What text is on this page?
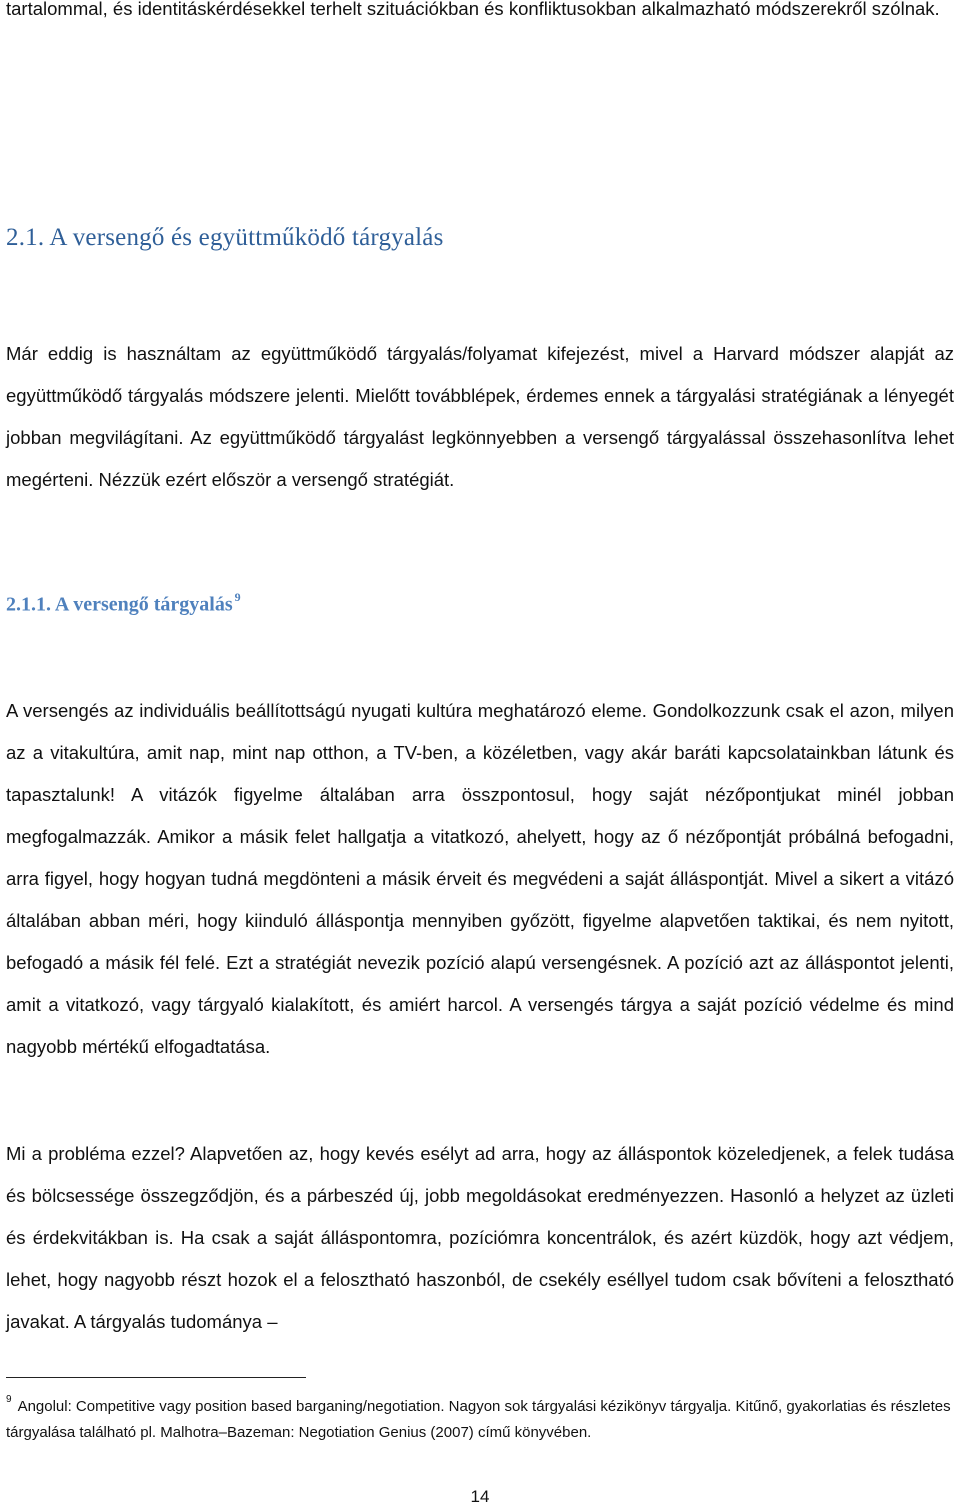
tartalommal, és identitáskérdésekkel terhelt szituációkban és konfliktusokban alkalmazható módszerekről szólnak.

2.1. A versengő és együttműködő tárgyalás

Már eddig is használtam az együttműködő tárgyalás/folyamat kifejezést, mivel a Harvard módszer alapját az együttműködő tárgyalás módszere jelenti. Mielőtt továbblépek, érdemes ennek a tárgyalási stratégiának a lényegét jobban megvilágítani. Az együttműködő tárgyalást legkönnyebben a versengő tárgyalással összehasonlítva lehet megérteni. Nézzük ezért először a versengő stratégiát.

2.1.1. A versengő tárgyalás $^9$

A versengés az individuális beállítottságú nyugati kultúra meghatározó eleme. Gondolkozzunk csak el azon, milyen az a vitakultúra, amit nap, mint nap otthon, a TV-ben, a közéletben, vagy akár baráti kapcsolatainkban látunk és tapasztalunk! A vitázók figyelme általában arra összpontosul, hogy saját nézőpontjukat minél jobban megfogalmazzák. Amikor a másik felet hallgatja a vitatkozó, ahelyett, hogy az ő nézőpontját próbálná befogadni, arra figyel, hogy hogyan tudná megdönteni a másik érveit és megvédeni a saját álláspontját. Mivel a sikert a vitázó általában abban méri, hogy kiinduló álláspontja mennyiben győzött, figyelme alapvetően taktikai, és nem nyitott, befogadó a másik fél felé. Ezt a stratégiát nevezik pozíció alapú versengésnek. A pozíció azt az álláspontot jelenti, amit a vitatkozó, vagy tárgyaló kialakított, és amiért harcol. A versengés tárgya a saját pozíció védelme és mind nagyobb mértékű elfogadtatása.

Mi a probléma ezzel? Alapvetően az, hogy kevés esélyt ad arra, hogy az álláspontok közeledjenek, a felek tudása és bölcsessége összegződjön, és a párbeszéd új, jobb megoldásokat eredményezzen. Hasonló a helyzet az üzleti és érdekvitákban is. Ha csak a saját álláspontomra, pozíciómra koncentrálok, és azért küzdök, hogy azt védjem, lehet, hogy nagyobb részt hozok el a felosztható haszonból, de csekély eséllyel tudom csak bővíteni a felosztható javakat. A tárgyalás tudománya –

$^9$ Angolul: Competitive vagy position based barganing/negotiation. Nagyon sok tárgyalási kézikönyv tárgyalja. Kitűnő, gyakorlatias és részletes tárgyalása található pl. Malhotra–Bazeman: Negotiation Genius (2007) című könyvében.

14
